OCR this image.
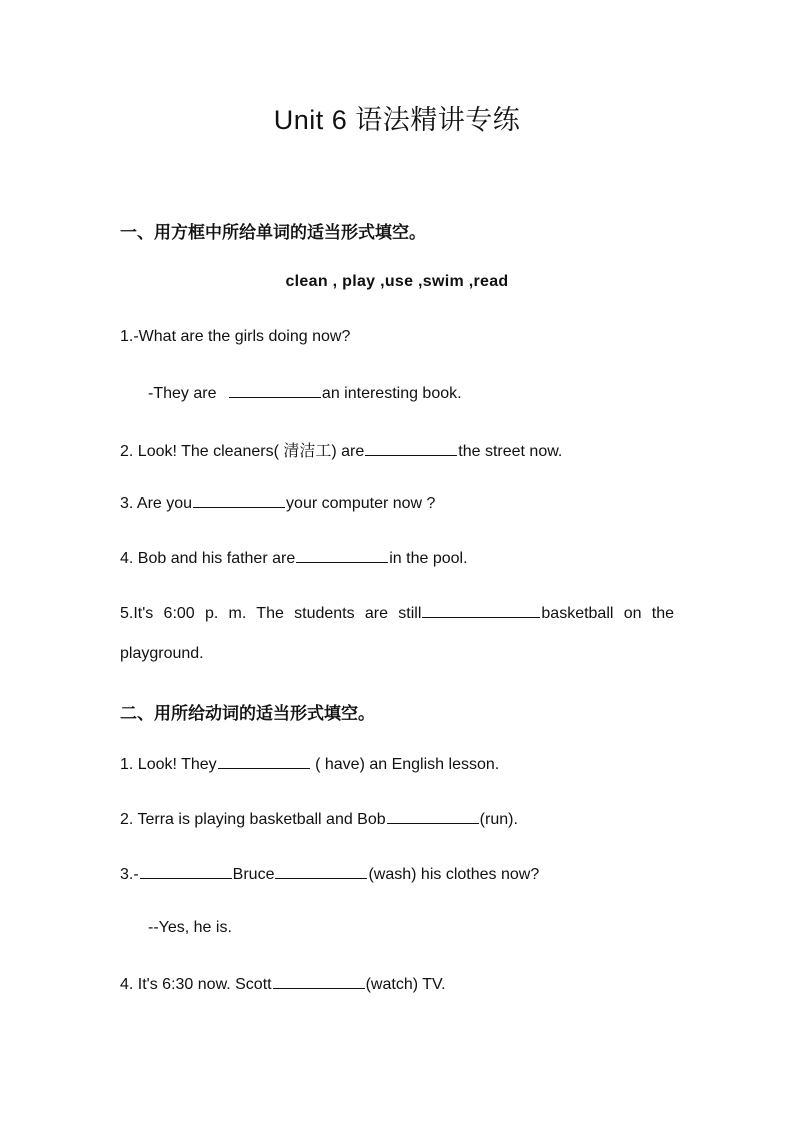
Unit 6 语法精讲专练
一、用方框中所给单词的适当形式填空。
clean , play ,use ,swim ,read
1.-What are the girls doing now?
-They are	an interesting book.
2. Look! The cleaners( 清洁工) are	the street now.
3. Are you	your computer now ?
4. Bob and his father are	in the pool.
5.It's 6:00 p. m. The students are still	basketball on the
playground.
二、用所给动词的适当形式填空。
1. Look! They	( have) an English lesson.
2. Terra is playing basketball and Bob	(run).
3.-	Bruce	(wash) his clothes now?
--Yes, he is.
4. It's 6:30 now. Scott	(watch) TV.
